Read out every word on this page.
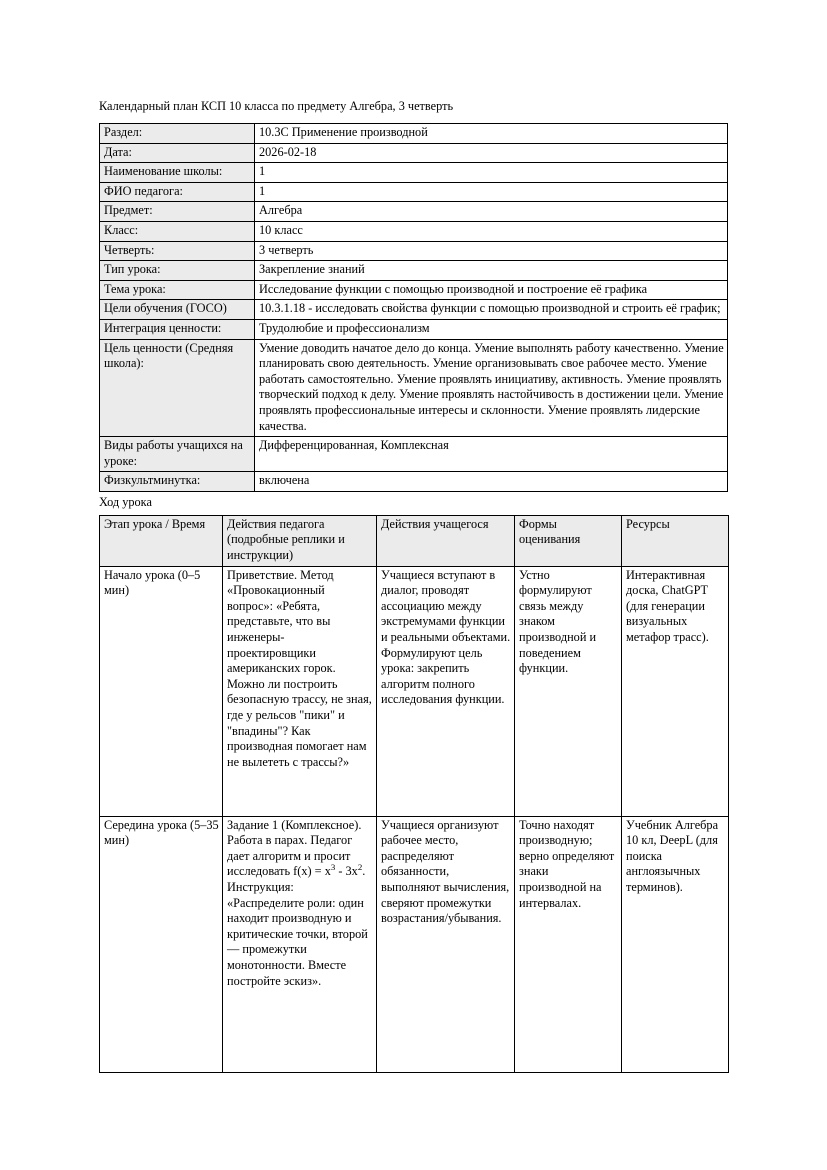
Календарный план КСП 10 класса по предмету Алгебра, 3 четверть
Раздел:	10.3C Применение производной
Дата:	2026-02-18
Наименование школы:	1
ФИО педагога:	1
Предмет:	Алгебра
Класс:	10 класс
Четверть:	3 четверть
Тип урока:	Закрепление знаний
Тема урока:	Исследование функции с помощью производной и построение её графика
Цели обучения (ГОСО)	10.3.1.18 - исследовать свойства функции с помощью производной и строить её график;
Интеграция ценности:	Трудолюбие и профессионализм
Цель ценности (Средняя школа):	Умение доводить начатое дело до конца. Умение выполнять работу качественно. Умение планировать свою деятельность. Умение организовывать свое рабочее место. Умение работать самостоятельно. Умение проявлять инициативу, активность. Умение проявлять творческий подход к делу. Умение проявлять настойчивость в достижении цели. Умение проявлять профессиональные интересы и склонности. Умение проявлять лидерские качества.
Виды работы учащихся на уроке:	Дифференцированная, Комплексная
Физкультминутка:	включена
Ход урока
Этап урока / Время	Действия педагога (подробные реплики и инструкции)	Действия учащегося	Формы оценивания	Ресурсы
Начало урока (0–5 мин)	Приветствие. Метод «Провокационный вопрос»: «Ребята, представьте, что вы инженеры-проектировщики американских горок. Можно ли построить безопасную трассу, не зная, где у рельсов "пики" и "впадины"? Как производная помогает нам не вылететь с трассы?»	Учащиеся вступают в диалог, проводят ассоциацию между экстремумами функции и реальными объектами. Формулируют цель урока: закрепить алгоритм полного исследования функции.	Устно формулируют связь между знаком производной и поведением функции.	Интерактивная доска, ChatGPT (для генерации визуальных метафор трасс).
Середина урока (5–35 мин)	Задание 1 (Комплексное). Работа в парах. Педагог дает алгоритм и просит исследовать $f(x) = x^3 - 3x^2$. Инструкция: «Распределите роли: один находит производную и критические точки, второй — промежутки монотонности. Вместе постройте эскиз».	Учащиеся организуют рабочее место, распределяют обязанности, выполняют вычисления, сверяют промежутки возрастания/убывания.	Точно находят производную; верно определяют знаки производной на интервалах.	Учебник Алгебра 10 кл, DeepL (для поиска англоязычных терминов).
